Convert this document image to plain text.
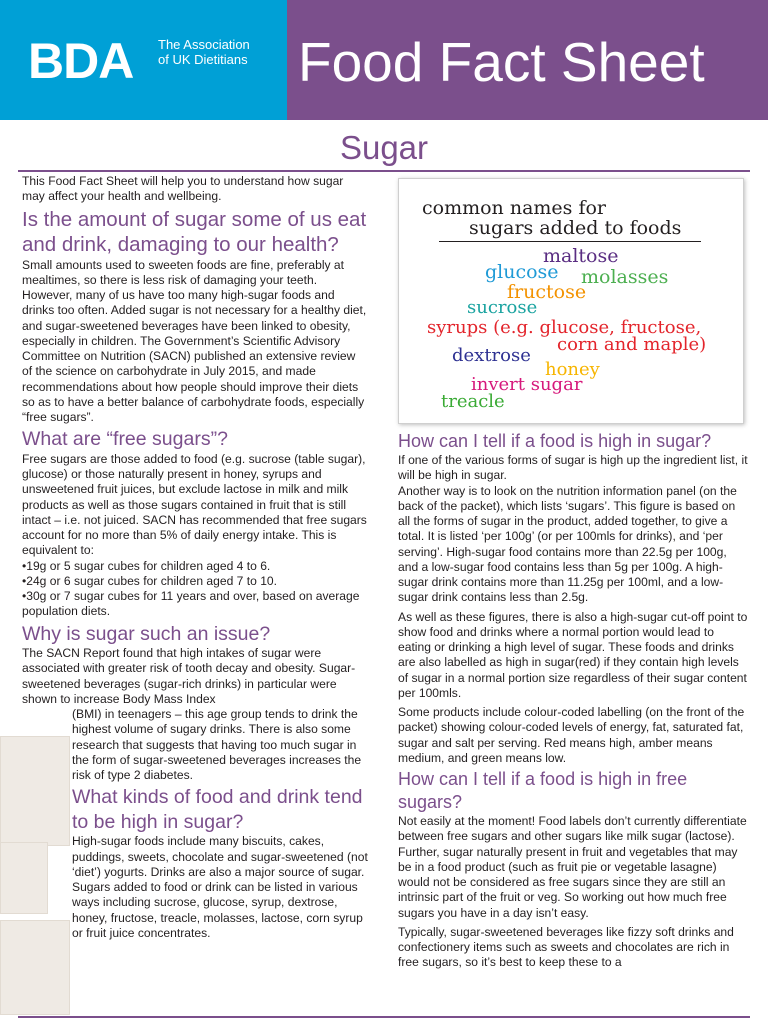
BDA The Association
of UK Dietitians Food Fact Sheet
Sugar

This Food Fact Sheet will help you to understand how sugar may affect your health and wellbeing.

Is the amount of sugar some of us eat and drink, damaging to our health?

Small amounts used to sweeten foods are fine, preferably at mealtimes, so there is less risk of damaging your teeth. However, many of us have too many high-sugar foods and drinks too often. Added sugar is not necessary for a healthy diet, and sugar-sweetened beverages have been linked to obesity, especially in children. The Government’s Scientific Advisory Committee on Nutrition (SACN) published an extensive review of the science on carbohydrate in July 2015, and made recommendations about how people should improve their diets so as to have a better balance of carbohydrate foods, especially “free sugars”.

What are “free sugars”?

Free sugars are those added to food (e.g. sucrose (table sugar), glucose) or those naturally present in honey, syrups and unsweetened fruit juices, but exclude lactose in milk and milk products as well as those sugars contained in fruit that is still intact – i.e. not juiced. SACN has recommended that free sugars account for no more than 5% of daily energy intake. This is equivalent to:

• 19g or 5 sugar cubes for children aged 4 to 6.
• 24g or 6 sugar cubes for children aged 7 to 10.
• 30g or 7 sugar cubes for 11 years and over, based on average population diets.
Why is sugar such an issue?

The SACN Report found that high intakes of sugar were associated with greater risk of tooth decay and obesity. Sugar-sweetened beverages (sugar-rich drinks) in particular were shown to increase Body Mass Index

(BMI) in teenagers – this age group tends to drink the highest volume of sugary drinks. There is also some research that suggests that having too much sugar in the form of sugar-sweetened beverages increases the risk of type 2 diabetes.

What kinds of food and drink tend to be high in sugar?

High-sugar foods include many biscuits, cakes, puddings, sweets, chocolate and sugar-sweetened (not ‘diet’) yogurts. Drinks are also a major source of sugar. Sugars added to food or drink can be listed in various ways including sucrose, glucose, syrup, dextrose, honey, fructose, treacle, molasses, lactose, corn syrup or fruit juice concentrates.

common names for
sugars added to foods
maltose
glucose molasses
fructose
sucrose
syrups (e.g. glucose, fructose,
corn and maple)
dextrose
honey
invert sugar
treacle
How can I tell if a food is high in sugar?

If one of the various forms of sugar is high up the ingredient list, it will be high in sugar.

Another way is to look on the nutrition information panel (on the back of the packet), which lists ‘sugars’. This figure is based on all the forms of sugar in the product, added together, to give a total. It is listed ‘per 100g’ (or per 100mls for drinks), and ‘per serving’. High-sugar food contains more than 22.5g per 100g, and a low-sugar food contains less than 5g per 100g. A high-sugar drink contains more than 11.25g per 100ml, and a low-sugar drink contains less than 2.5g.

As well as these figures, there is also a high-sugar cut-off point to show food and drinks where a normal portion would lead to eating or drinking a high level of sugar. These foods and drinks are also labelled as high in sugar(red) if they contain high levels of sugar in a normal portion size regardless of their sugar content per 100mls.

Some products include colour-coded labelling (on the front of the packet) showing colour-coded levels of energy, fat, saturated fat, sugar and salt per serving. Red means high, amber means medium, and green means low.

How can I tell if a food is high in free sugars?

Not easily at the moment! Food labels don’t currently differentiate between free sugars and other sugars like milk sugar (lactose). Further, sugar naturally present in fruit and vegetables that may be in a food product (such as fruit pie or vegetable lasagne) would not be considered as free sugars since they are still an intrinsic part of the fruit or veg. So working out how much free sugars you have in a day isn’t easy.

Typically, sugar-sweetened beverages like fizzy soft drinks and confectionery items such as sweets and chocolates are rich in free sugars, so it’s best to keep these to a
